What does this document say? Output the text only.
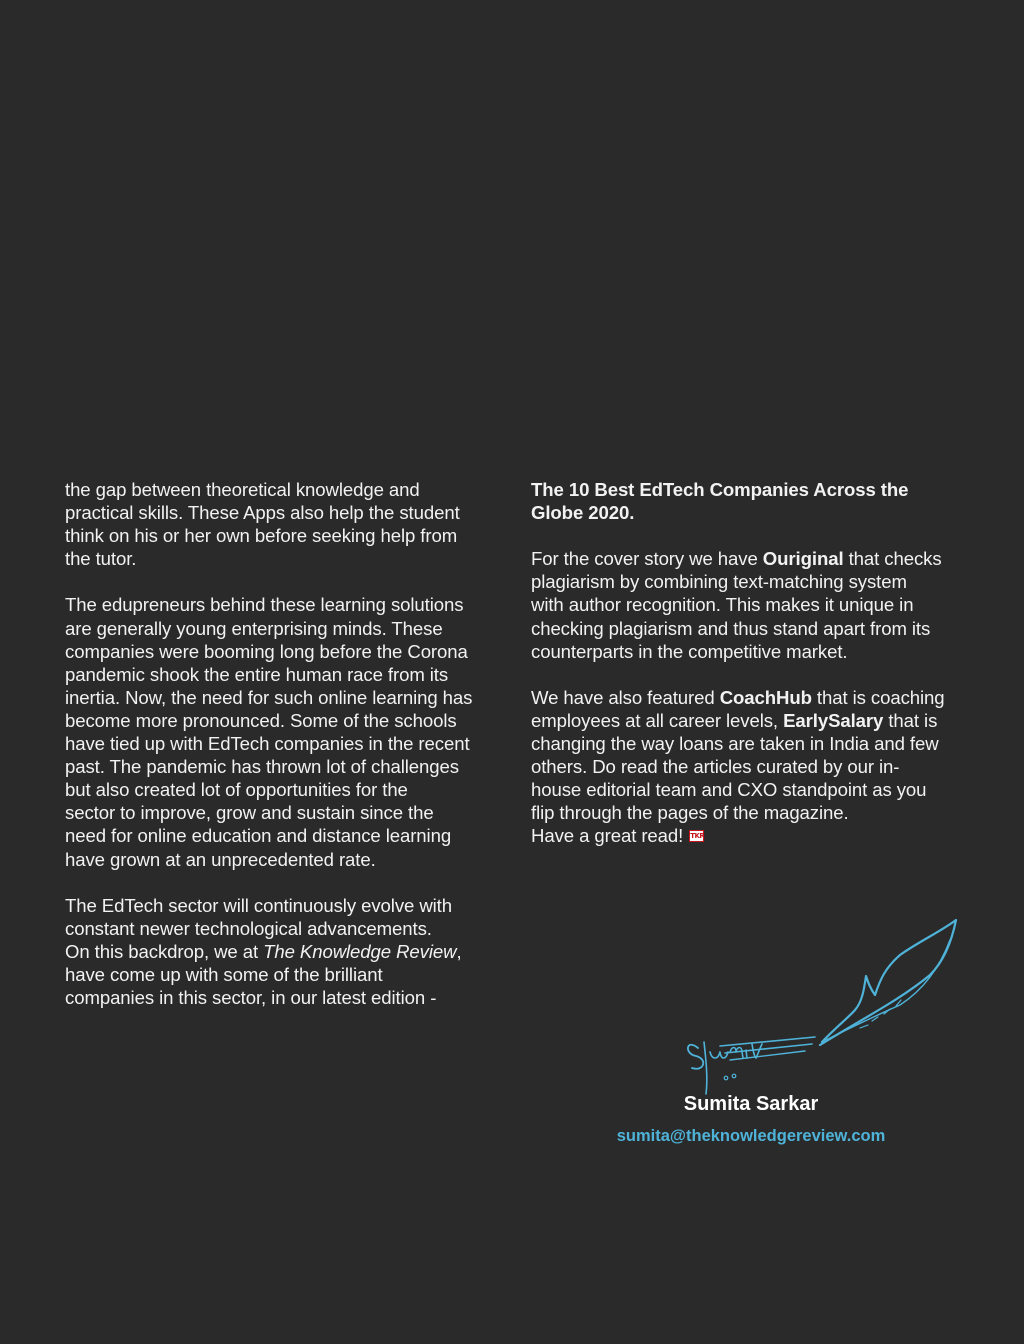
the gap between theoretical knowledge and
practical skills. These Apps also help the student
think on his or her own before seeking help from
the tutor.

The edupreneurs behind these learning solutions
are generally young enterprising minds. These
companies were booming long before the Corona
pandemic shook the entire human race from its
inertia. Now, the need for such online learning has
become more pronounced. Some of the schools
have tied up with EdTech companies in the recent
past. The pandemic has thrown lot of challenges
but also created lot of opportunities for the
sector to improve, grow and sustain since the
need for online education and distance learning
have grown at an unprecedented rate.

The EdTech sector will continuously evolve with
constant newer technological advancements.
On this backdrop, we at The Knowledge Review,
have come up with some of the brilliant
companies in this sector, in our latest edition -

The 10 Best EdTech Companies Across the
Globe 2020.

For the cover story we have Ouriginal that checks
plagiarism by combining text-matching system
with author recognition. This makes it unique in
checking plagiarism and thus stand apart from its
counterparts in the competitive market.

We have also featured CoachHub that is coaching
employees at all career levels, EarlySalary that is
changing the way loans are taken in India and few
others. Do read the articles curated by our in-
house editorial team and CXO standpoint as you
flip through the pages of the magazine.
Have a great read! TKR

Sumita Sarkar
sumita@theknowledgereview.com
